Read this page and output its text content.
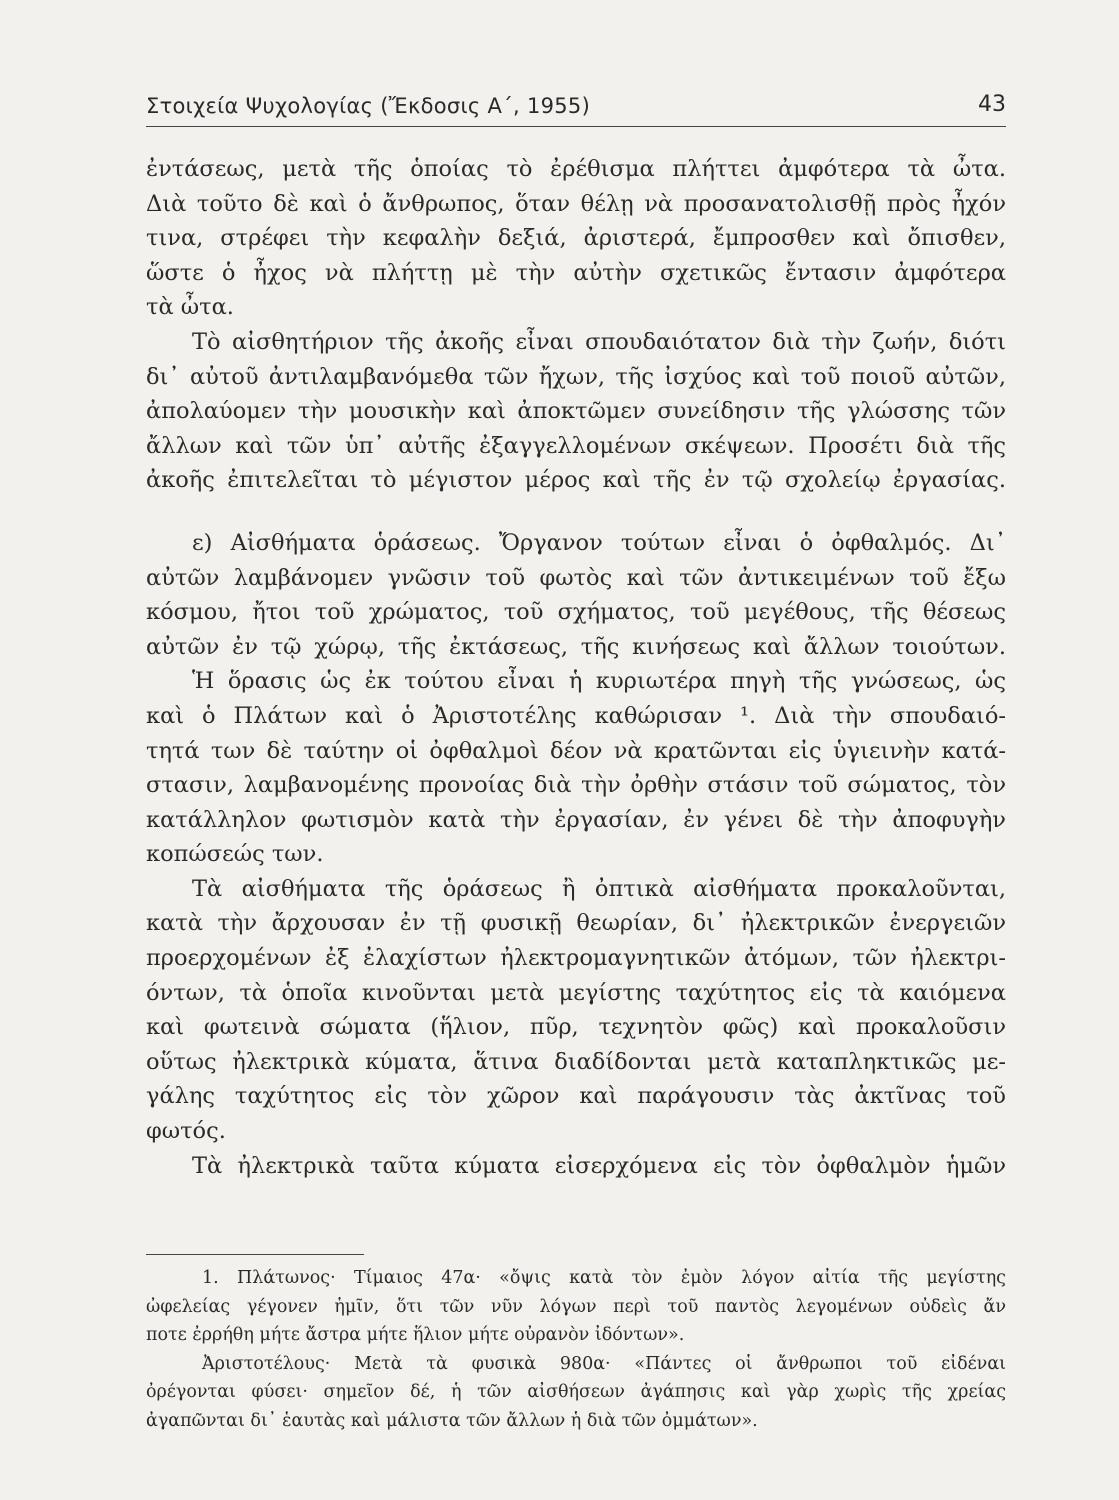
Στοιχεία Ψυχολογίας (Ἔκδοσις Α΄, 1955)	43
ἐντάσεως, μετὰ τῆς ὁποίας τὸ ἐρέθισμα πλήττει ἀμφότερα τὰ ὦτα.
Διὰ τοῦτο δὲ καὶ ὁ ἄνθρωπος, ὅταν θέλῃ νὰ προσανατολισθῇ πρὸς ἦχόν
τινα, στρέφει τὴν κεφαλὴν δεξιά, ἀριστερά, ἔμπροσθεν καὶ ὄπισθεν,
ὥστε ὁ ἦχος νὰ πλήττῃ μὲ τὴν αὐτὴν σχετικῶς ἔντασιν ἀμφότερα
τὰ ὦτα.
Τὸ αἰσθητήριον τῆς ἀκοῆς εἶναι σπουδαιότατον διὰ τὴν ζωήν, διότι
δι᾽ αὐτοῦ ἀντιλαμβανόμεθα τῶν ἤχων, τῆς ἰσχύος καὶ τοῦ ποιοῦ αὐτῶν,
ἀπολαύομεν τὴν μουσικὴν καὶ ἀποκτῶμεν συνείδησιν τῆς γλώσσης τῶν
ἄλλων καὶ τῶν ὑπ᾽ αὐτῆς ἐξαγγελλομένων σκέψεων. Προσέτι διὰ τῆς
ἀκοῆς ἐπιτελεῖται τὸ μέγιστον μέρος καὶ τῆς ἐν τῷ σχολείῳ ἐργασίας.
ε) Αἰσθήματα ὁράσεως. Ὄργανον τούτων εἶναι ὁ ὀφθαλμός. Δι᾽
αὐτῶν λαμβάνομεν γνῶσιν τοῦ φωτὸς καὶ τῶν ἀντικειμένων τοῦ ἔξω
κόσμου, ἤτοι τοῦ χρώματος, τοῦ σχήματος, τοῦ μεγέθους, τῆς θέσεως
αὐτῶν ἐν τῷ χώρῳ, τῆς ἐκτάσεως, τῆς κινήσεως καὶ ἄλλων τοιούτων.
Ἡ ὅρασις ὡς ἐκ τούτου εἶναι ἡ κυριωτέρα πηγὴ τῆς γνώσεως, ὡς
καὶ ὁ Πλάτων καὶ ὁ Ἀριστοτέλης καθώρισαν ¹. Διὰ τὴν σπουδαιό-
τητά των δὲ ταύτην οἱ ὀφθαλμοὶ δέον νὰ κρατῶνται εἰς ὑγιεινὴν κατά-
στασιν, λαμβανομένης προνοίας διὰ τὴν ὀρθὴν στάσιν τοῦ σώματος, τὸν
κατάλληλον φωτισμὸν κατὰ τὴν ἐργασίαν, ἐν γένει δὲ τὴν ἀποφυγὴν
κοπώσεώς των.
Τὰ αἰσθήματα τῆς ὁράσεως ἢ ὀπτικὰ αἰσθήματα προκαλοῦνται,
κατὰ τὴν ἄρχουσαν ἐν τῇ φυσικῇ θεωρίαν, δι᾽ ἠλεκτρικῶν ἐνεργειῶν
προερχομένων ἐξ ἐλαχίστων ἠλεκτρομαγνητικῶν ἀτόμων, τῶν ἠλεκτρι-
όντων, τὰ ὁποῖα κινοῦνται μετὰ μεγίστης ταχύτητος εἰς τὰ καιόμενα
καὶ φωτεινὰ σώματα (ἥλιον, πῦρ, τεχνητὸν φῶς) καὶ προκαλοῦσιν
οὕτως ἠλεκτρικὰ κύματα, ἅτινα διαδίδονται μετὰ καταπληκτικῶς με-
γάλης ταχύτητος εἰς τὸν χῶρον καὶ παράγουσιν τὰς ἀκτῖνας τοῦ
φωτός.
Τὰ ἠλεκτρικὰ ταῦτα κύματα εἰσερχόμενα εἰς τὸν ὀφθαλμὸν ἡμῶν
1. Πλάτωνος· Τίμαιος 47α· «ὄψις κατὰ τὸν ἐμὸν λόγον αἰτία τῆς μεγίστης
ὠφελείας γέγονεν ἡμῖν, ὅτι τῶν νῦν λόγων περὶ τοῦ παντὸς λεγομένων οὐδεὶς ἄν
ποτε ἐρρήθη μήτε ἄστρα μήτε ἥλιον μήτε οὐρανὸν ἰδόντων».
Ἀριστοτέλους· Μετὰ τὰ φυσικὰ 980α· «Πάντες οἱ ἄνθρωποι τοῦ εἰδέναι
ὀρέγονται φύσει· σημεῖον δέ, ἡ τῶν αἰσθήσεων ἀγάπησις καὶ γὰρ χωρὶς τῆς χρείας
ἀγαπῶνται δι᾽ ἑαυτὰς καὶ μάλιστα τῶν ἄλλων ἡ διὰ τῶν ὀμμάτων».
